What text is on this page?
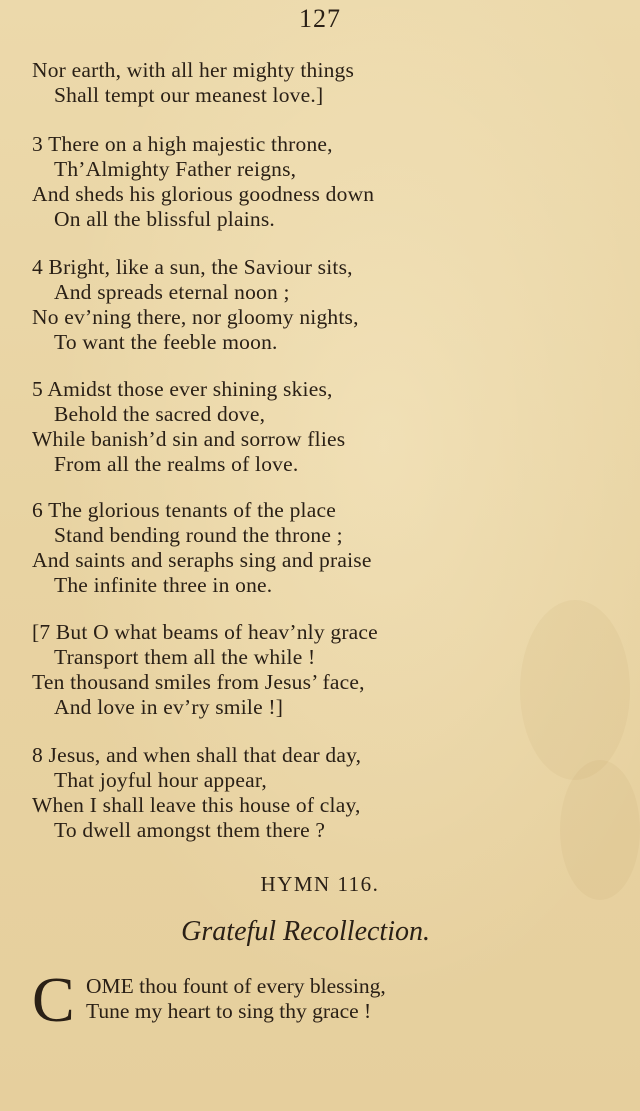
127
Nor earth, with all her mighty things
Shall tempt our meanest love.]
3 There on a high majestic throne,
Th’Almighty Father reigns,
And sheds his glorious goodness down
On all the blissful plains.
4 Bright, like a sun, the Saviour sits,
And spreads eternal noon ;
No ev’ning there, nor gloomy nights,
To want the feeble moon.
5 Amidst those ever shining skies,
Behold the sacred dove,
While banish’d sin and sorrow flies
From all the realms of love.
6 The glorious tenants of the place
Stand bending round the throne ;
And saints and seraphs sing and praise
The infinite three in one.
[7 But O what beams of heav’nly grace
Transport them all the while !
Ten thousand smiles from Jesus’ face,
And love in ev’ry smile !]
8 Jesus, and when shall that dear day,
That joyful hour appear,
When I shall leave this house of clay,
To dwell amongst them there ?
HYMN 116.
Grateful Recollection.
C OME thou fount of every blessing,
Tune my heart to sing thy grace !
